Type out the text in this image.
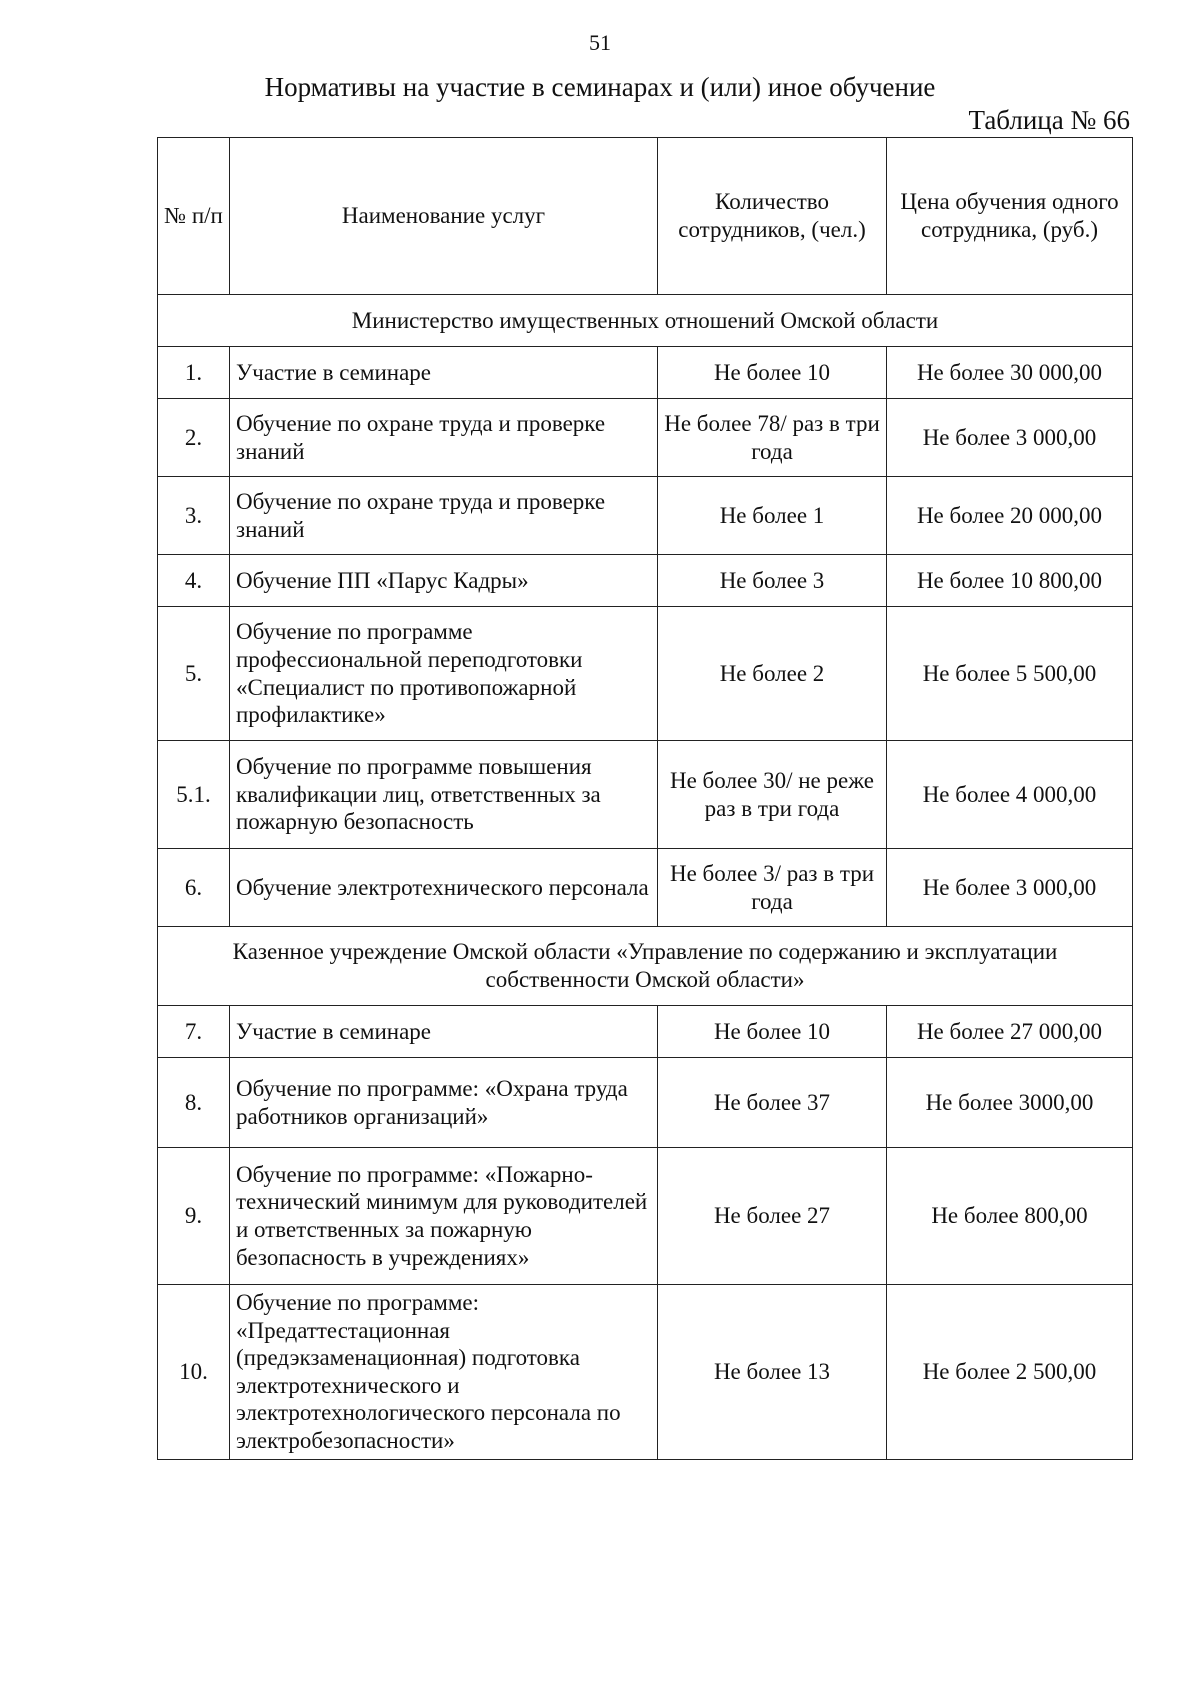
51
Нормативы на участие в семинарах и (или) иное обучение
Таблица № 66
№ п/п	Наименование услуг	Количество сотрудников, (чел.)	Цена обучения одного сотрудника, (руб.)
Министерство имущественных отношений Омской области			
1.	Участие в семинаре	Не более 10	Не более 30 000,00
2.	Обучение по охране труда и проверке знаний	Не более 78/ раз в три года	Не более 3 000,00
3.	Обучение по охране труда и проверке знаний	Не более 1	Не более 20 000,00
4.	Обучение ПП «Парус Кадры»	Не более 3	Не более 10 800,00
5.	Обучение по программе профессиональной переподготовки «Специалист по противопожарной профилактике»	Не более 2	Не более 5 500,00
5.1.	Обучение по программе повышения квалификации лиц, ответственных за пожарную безопасность	Не более 30/ не реже раз в три года	Не более 4 000,00
6.	Обучение электротехнического персонала	Не более 3/ раз в три года	Не более 3 000,00
Казенное учреждение Омской области «Управление по содержанию и эксплуатации собственности Омской области»			
7.	Участие в семинаре	Не более 10	Не более 27 000,00
8.	Обучение по программе: «Охрана труда работников организаций»	Не более 37	Не более 3000,00
9.	Обучение по программе: «Пожарно-технический минимум для руководителей и ответственных за пожарную безопасность в учреждениях»	Не более 27	Не более 800,00
10.	Обучение по программе: «Предаттестационная (предэкзаменационная) подготовка электротехнического и электротехнологического персонала по электробезопасности»	Не более 13	Не более 2 500,00
